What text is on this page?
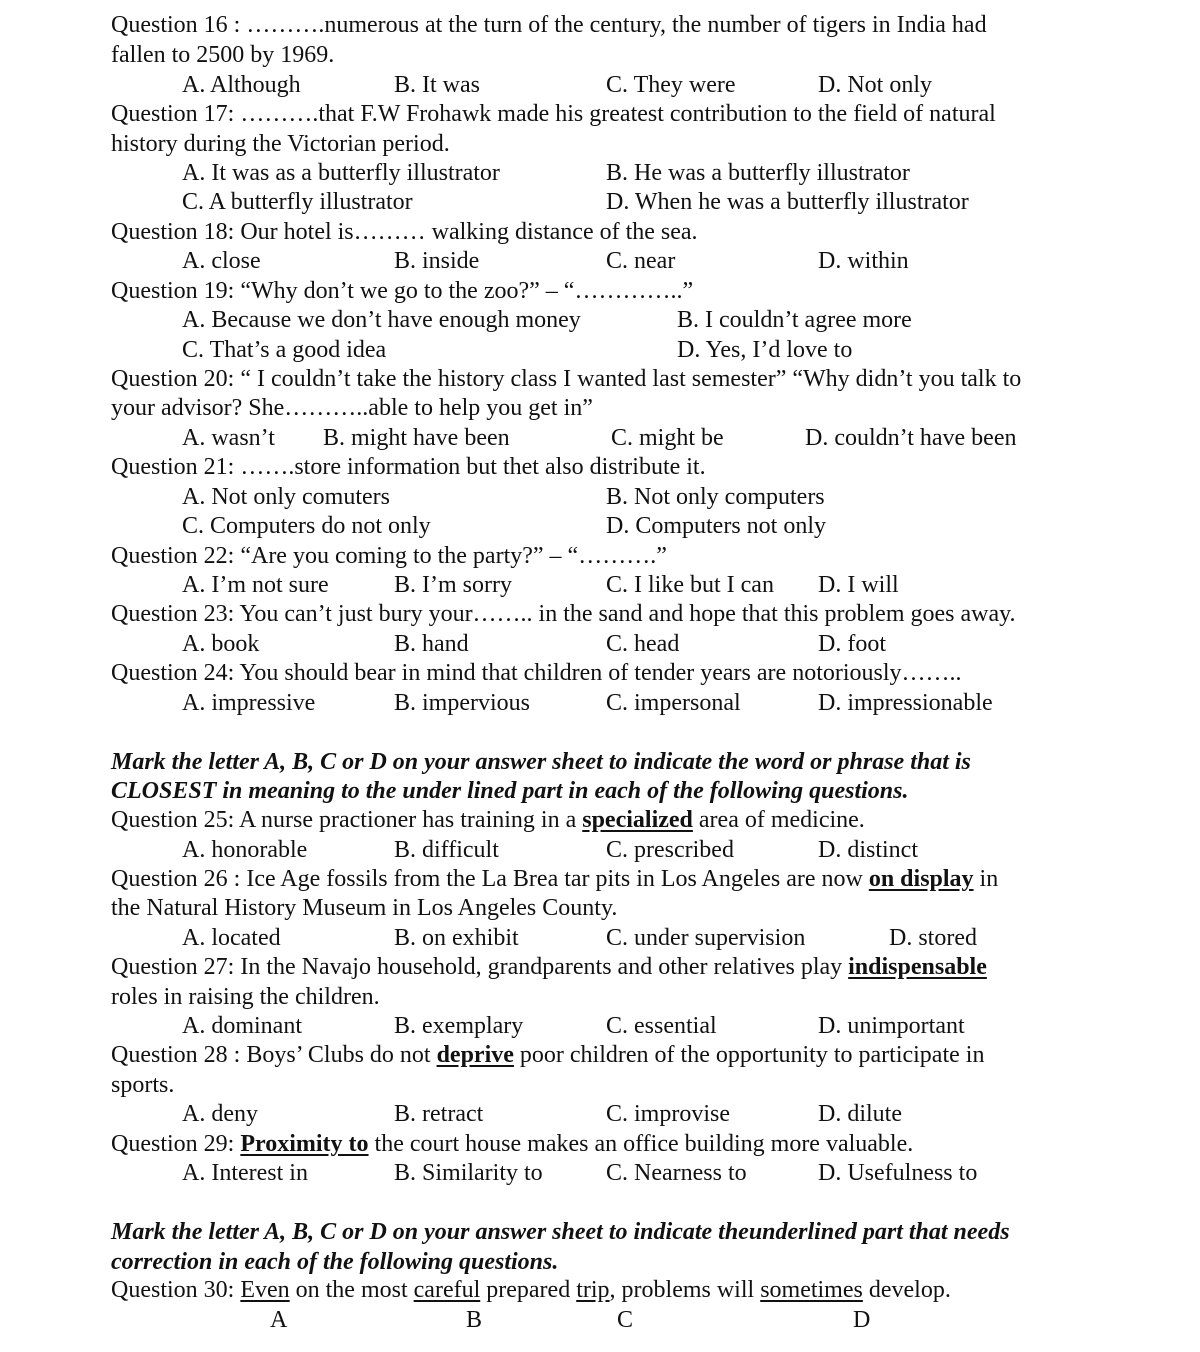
Question 16 : ……….numerous at the turn of the century, the number of tigers in India had
fallen to 2500 by 1969.
A. Although	B. It was	C. They were	D. Not only
Question 17: ……….that F.W Frohawk made his greatest contribution to the field of natural
history during the Victorian period.
A. It was as a butterfly illustrator	B. He was a butterfly illustrator
C. A butterfly illustrator	D. When he was a butterfly illustrator
Question 18: Our hotel is……… walking distance of the sea.
A. close	B. inside	C. near	D. within
Question 19: “Why don’t we go to the zoo?” – “…………..”
A. Because we don’t have enough money	B. I couldn’t agree more
C. That’s a good idea	D. Yes, I’d love to
Question 20: “ I couldn’t take the history class I wanted last semester” “Why didn’t you talk to
your advisor? She………..able to help you get in”
A. wasn’t B. might have been	C. might be	D. couldn’t have been
Question 21: …….store information but thet also distribute it.
A. Not only comuters	B. Not only computers
C. Computers do not only	D. Computers not only
Question 22: “Are you coming to the party?” – “……….”
A. I’m not sure	B. I’m sorry	C. I like but I can D. I will
Question 23: You can’t just bury your…….. in the sand and hope that this problem goes away.
A. book	B. hand	C. head	D. foot
Question 24: You should bear in mind that children of tender years are notoriously……..
A. impressive	B. impervious	C. impersonal	D. impressionable
Mark the letter A, B, C or D on your answer sheet to indicate the word or phrase that is
CLOSEST in meaning to the under lined part in each of the following questions.
Question 25: A nurse practioner has training in a specialized area of medicine.
A. honorable	B. difficult	C. prescribed	D. distinct
Question 26 : Ice Age fossils from the La Brea tar pits in Los Angeles are now on display in
the Natural History Museum in Los Angeles County.
A. located	B. on exhibit	C. under supervision	D. stored
Question 27: In the Navajo household, grandparents and other relatives play indispensable
roles in raising the children.
A. dominant	B. exemplary	C. essential	D. unimportant
Question 28 : Boys’ Clubs do not deprive poor children of the opportunity to participate in
sports.
A. deny	B. retract	C. improvise	D. dilute
Question 29: Proximity to the court house makes an office building more valuable.
A. Interest in	B. Similarity to	C. Nearness to	D. Usefulness to
Mark the letter A, B, C or D on your answer sheet to indicate theunderlined part that needs
correction in each of the following questions.
Question 30: Even on the most careful prepared trip, problems will sometimes develop.
A	B	C	D
